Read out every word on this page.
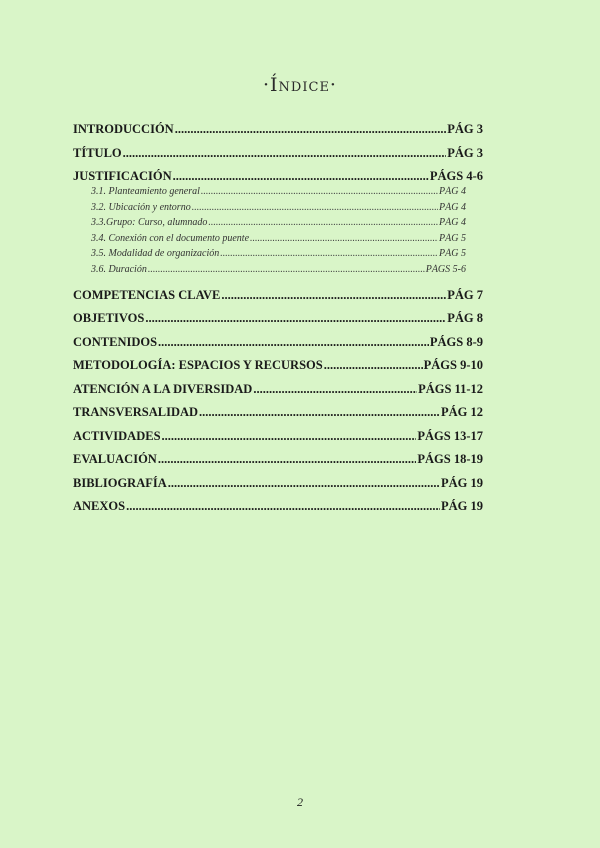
·Índice·
INTRODUCCIÓN .....	PÁG 3
TÍTULO .....	PÁG 3
JUSTIFICACIÓN .....	PÁGS 4-6
3.1. Planteamiento general .....	PÁG 4
3.2. Ubicación y entorno .....	PÁG 4
3.3.Grupo: Curso, alumnado .....	PÁG 4
3.4. Conexión con el documento puente .....	PÁG 5
3.5. Modalidad de organización .....	PÁG 5
3.6. Duración .....	PÁGS 5-6
COMPETENCIAS CLAVE .....	PÁG 7
OBJETIVOS .....	PÁG 8
CONTENIDOS .....	PÁGS 8-9
METODOLOGÍA: ESPACIOS Y RECURSOS .....	PÁGS 9-10
ATENCIÓN A LA DIVERSIDAD .....	PÁGS 11-12
TRANSVERSALIDAD .....	PÁG 12
ACTIVIDADES .....	PÁGS 13-17
EVALUACIÓN .....	PÁGS 18-19
BIBLIOGRAFÍA .....	PÁG 19
ANEXOS .....	PÁG 19
2
